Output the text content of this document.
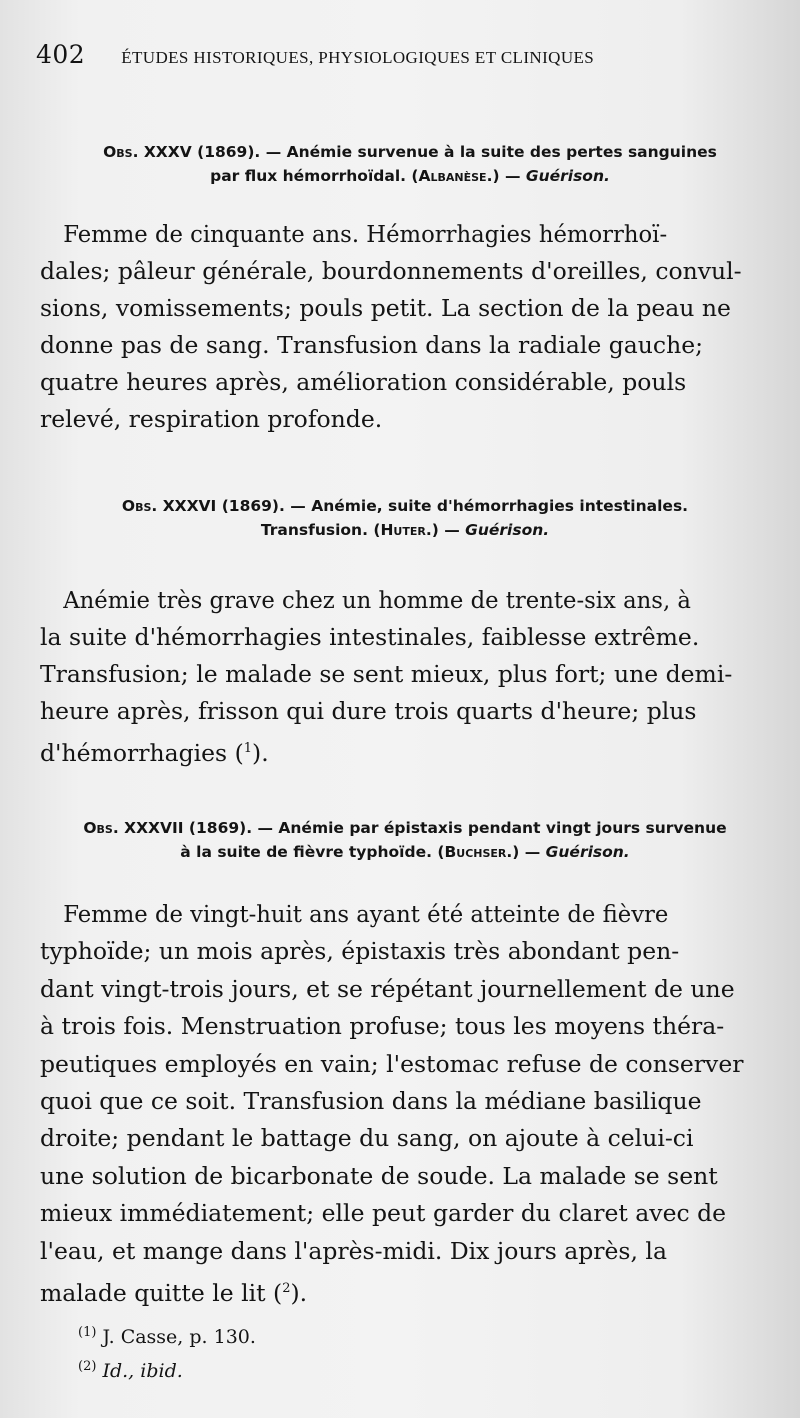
402 ÉTUDES HISTORIQUES, PHYSIOLOGIQUES ET CLINIQUES
Obs. XXXV (1869). — Anémie survenue à la suite des pertes sanguines
par flux hémorrhoïdal. (Albanèse.) — Guérison.
Femme de cinquante ans. Hémorrhagies hémorrhoï-
dales; pâleur générale, bourdonnements d'oreilles, convul-
sions, vomissements; pouls petit. La section de la peau ne
donne pas de sang. Transfusion dans la radiale gauche;
quatre heures après, amélioration considérable, pouls
relevé, respiration profonde.
Obs. XXXVI (1869). — Anémie, suite d'hémorrhagies intestinales.
Transfusion. (Huter.) — Guérison.
Anémie très grave chez un homme de trente-six ans, à
la suite d'hémorrhagies intestinales, faiblesse extrême.
Transfusion; le malade se sent mieux, plus fort; une demi-
heure après, frisson qui dure trois quarts d'heure; plus
d'hémorrhagies ($^1$).
Obs. XXXVII (1869). — Anémie par épistaxis pendant vingt jours survenue
à la suite de fièvre typhoïde. (Buchser.) — Guérison.
Femme de vingt-huit ans ayant été atteinte de fièvre
typhoïde; un mois après, épistaxis très abondant pen-
dant vingt-trois jours, et se répétant journellement de une
à trois fois. Menstruation profuse; tous les moyens théra-
peutiques employés en vain; l'estomac refuse de conserver
quoi que ce soit. Transfusion dans la médiane basilique
droite; pendant le battage du sang, on ajoute à celui-ci
une solution de bicarbonate de soude. La malade se sent
mieux immédiatement; elle peut garder du claret avec de
l'eau, et mange dans l'après-midi. Dix jours après, la
malade quitte le lit ($^2$).
$^{(1)}$ J. Casse, p. 130.
$^{(2)}$ Id., ibid.
